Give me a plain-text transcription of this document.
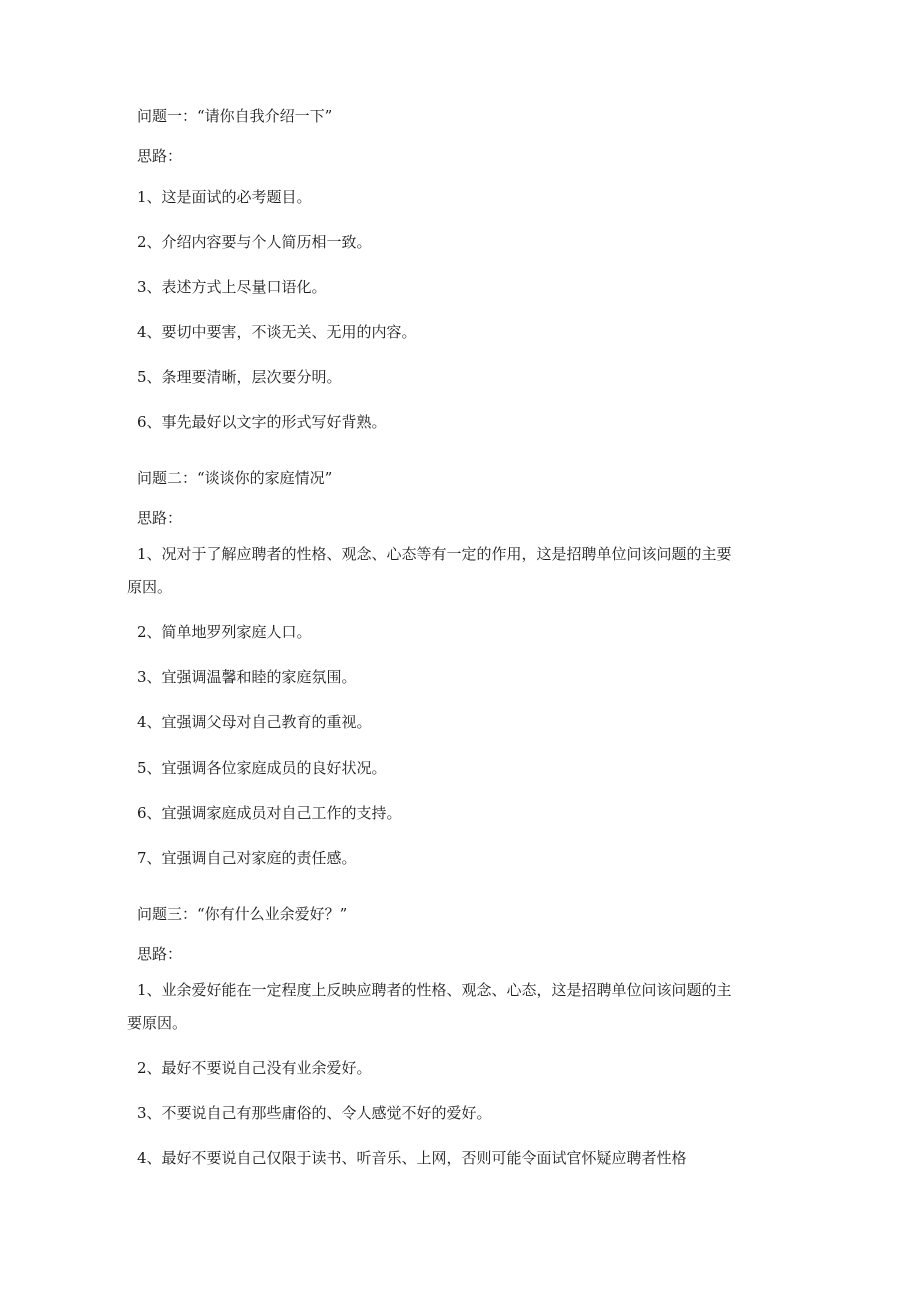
问题一：“请你自我介绍一下”
思路：
1、这是面试的必考题目。
2、介绍内容要与个人简历相一致。
3、表述方式上尽量口语化。
4、要切中要害，不谈无关、无用的内容。
5、条理要清晰，层次要分明。
6、事先最好以文字的形式写好背熟。
问题二：“谈谈你的家庭情况”
思路：
1、况对于了解应聘者的性格、观念、心态等有一定的作用，这是招聘单位问该问题的主要
原因。
2、简单地罗列家庭人口。
3、宜强调温馨和睦的家庭氛围。
4、宜强调父母对自己教育的重视。
5、宜强调各位家庭成员的良好状况。
6、宜强调家庭成员对自己工作的支持。
7、宜强调自己对家庭的责任感。
问题三：“你有什么业余爱好？”
思路：
1、业余爱好能在一定程度上反映应聘者的性格、观念、心态，这是招聘单位问该问题的主
要原因。
2、最好不要说自己没有业余爱好。
3、不要说自己有那些庸俗的、令人感觉不好的爱好。
4、最好不要说自己仅限于读书、听音乐、上网，否则可能令面试官怀疑应聘者性格
